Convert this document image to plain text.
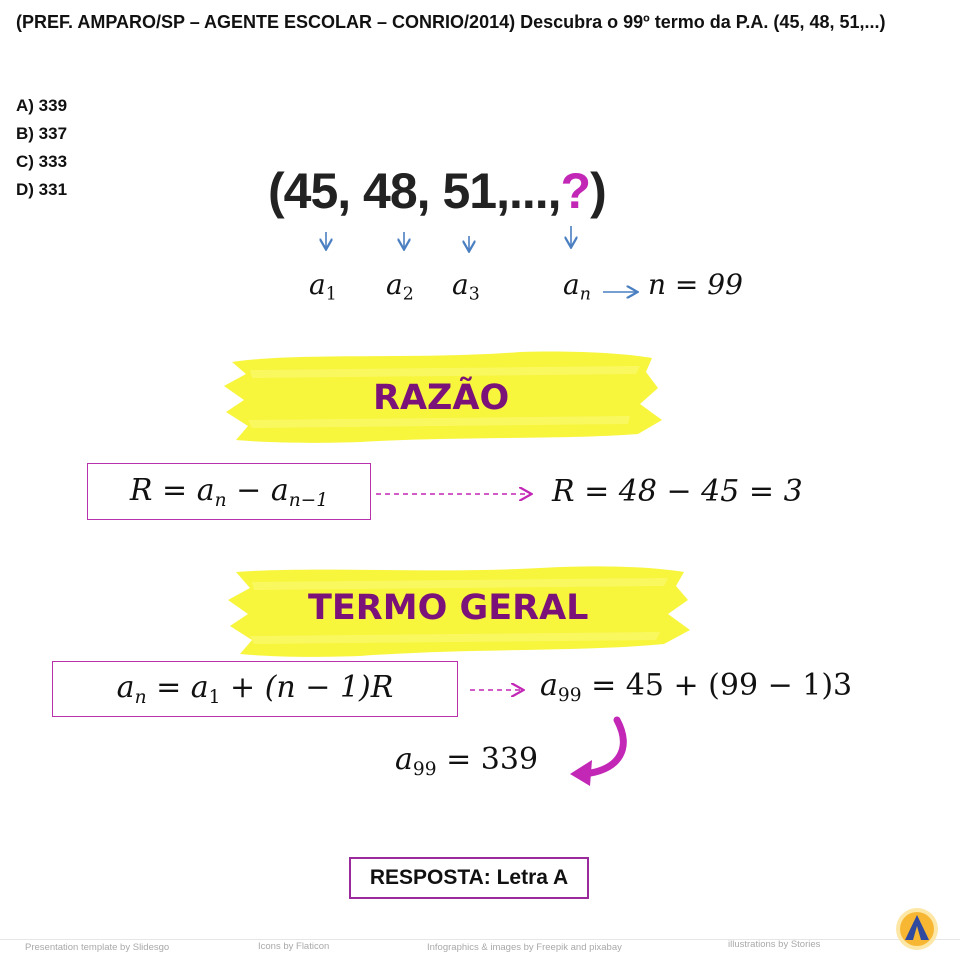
(PREF. AMPARO/SP – AGENTE ESCOLAR – CONRIO/2014) Descubra o 99º termo da P.A. (45, 48, 51,...)

A) 339
B) 337
C) 333
D) 331	(45, 48, 51,...,?)
$a_1$ $a_2$ $a_3$	$a_n$ n = 99
RAZÃO
$R = a_n - a_{n-1}$	R = 48 − 45 = 3
TERMO GERAL
$a_n = a_1 + (n - 1)R$	$a_{99} = 45 + (99 - 1)3$
$a_{99} = 339$
RESPOSTA: Letra A
Presentation template by Slidesgo	Icons by Flaticon	Infographics & images by Freepik and pixabay	illustrations by Stories
